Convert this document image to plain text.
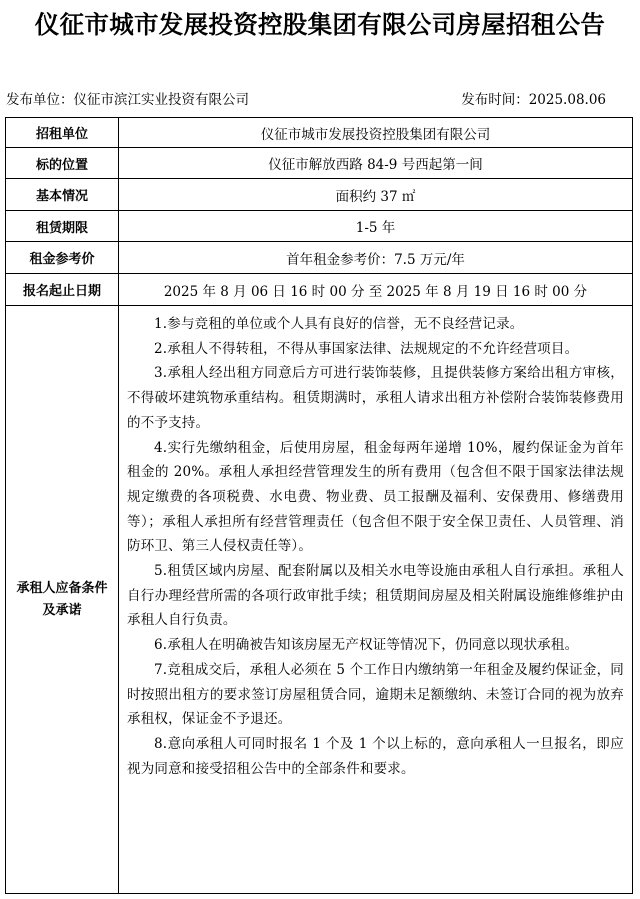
仪征市城市发展投资控股集团有限公司房屋招租公告
发布单位：仪征市滨江实业投资有限公司	发布时间：2025.08.06
招租单位	仪征市城市发展投资控股集团有限公司
标的位置	仪征市解放西路 84-9 号西起第一间
基本情况	面积约 37 ㎡
租赁期限	1-5 年
租金参考价	首年租金参考价：7.5 万元/年
报名起止日期	2025 年 8 月 06 日 16 时 00 分 至 2025 年 8 月 19 日 16 时 00 分
承租人应备条件
及承诺

1.参与竞租的单位或个人具有良好的信誉，无不良经营记录。

2.承租人不得转租，不得从事国家法律、法规规定的不允许经营项目。

3.承租人经出租方同意后方可进行装饰装修，且提供装修方案给出租方审核，不得破坏建筑物承重结构。租赁期满时，承租人请求出租方补偿附合装饰装修费用的不予支持。

4.实行先缴纳租金，后使用房屋，租金每两年递增 10%，履约保证金为首年租金的 20%。承租人承担经营管理发生的所有费用（包含但不限于国家法律法规规定缴费的各项税费、水电费、物业费、员工报酬及福利、安保费用、修缮费用等）；承租人承担所有经营管理责任（包含但不限于安全保卫责任、人员管理、消防环卫、第三人侵权责任等）。

5.租赁区域内房屋、配套附属以及相关水电等设施由承租人自行承担。承租人自行办理经营所需的各项行政审批手续；租赁期间房屋及相关附属设施维修维护由承租人自行负责。

6.承租人在明确被告知该房屋无产权证等情况下，仍同意以现状承租。

7.竞租成交后，承租人必须在 5 个工作日内缴纳第一年租金及履约保证金，同时按照出租方的要求签订房屋租赁合同，逾期未足额缴纳、未签订合同的视为放弃承租权，保证金不予退还。

8.意向承租人可同时报名 1 个及 1 个以上标的，意向承租人一旦报名，即应视为同意和接受招租公告中的全部条件和要求。
